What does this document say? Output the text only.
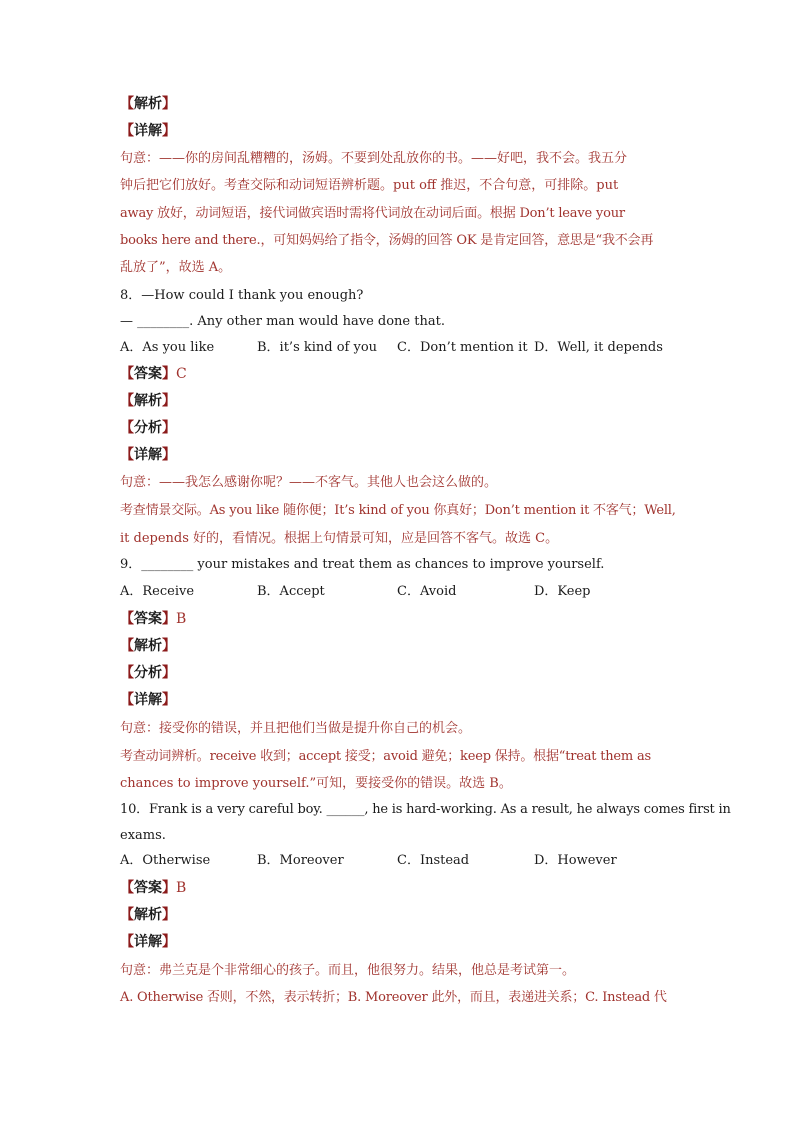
【解析】
【详解】
句意：——你的房间乱糟糟的，汤姆。不要到处乱放你的书。——好吧，我不会。我五分
钟后把它们放好。考查交际和动词短语辨析题。put off 推迟，不合句意，可排除。put
away 放好，动词短语，接代词做宾语时需将代词放在动词后面。根据 Don’t leave your
books here and there.，可知妈妈给了指令，汤姆的回答 OK 是肯定回答，意思是“我不会再
乱放了”，故选 A。
8．—How could I thank you enough?
— ________. Any other man would have done that.
A．As you like	B．it’s kind of you C．Don’t mention it D．Well, it depends
【答案】C
【解析】
【分析】
【详解】
句意：——我怎么感谢你呢？——不客气。其他人也会这么做的。
考查情景交际。As you like 随你便；It’s kind of you 你真好；Don’t mention it 不客气；Well,
it depends 好的，看情况。根据上句情景可知，应是回答不客气。故选 C。
9．________ your mistakes and treat them as chances to improve yourself.
A．Receive	B．Accept	C．Avoid	D．Keep
【答案】B
【解析】
【分析】
【详解】
句意：接受你的错误，并且把他们当做是提升你自己的机会。
考查动词辨析。receive 收到；accept 接受；avoid 避免；keep 保持。根据“treat them as
chances to improve yourself.”可知，要接受你的错误。故选 B。
10．Frank is a very careful boy. ______, he is hard-working. As a result, he always comes first in
exams.
A．Otherwise	B．Moreover	C．Instead	D．However
【答案】B
【解析】
【详解】
句意：弗兰克是个非常细心的孩子。而且，他很努力。结果，他总是考试第一。
A. Otherwise 否则，不然，表示转折；B. Moreover 此外，而且，表递进关系；C. Instead 代
